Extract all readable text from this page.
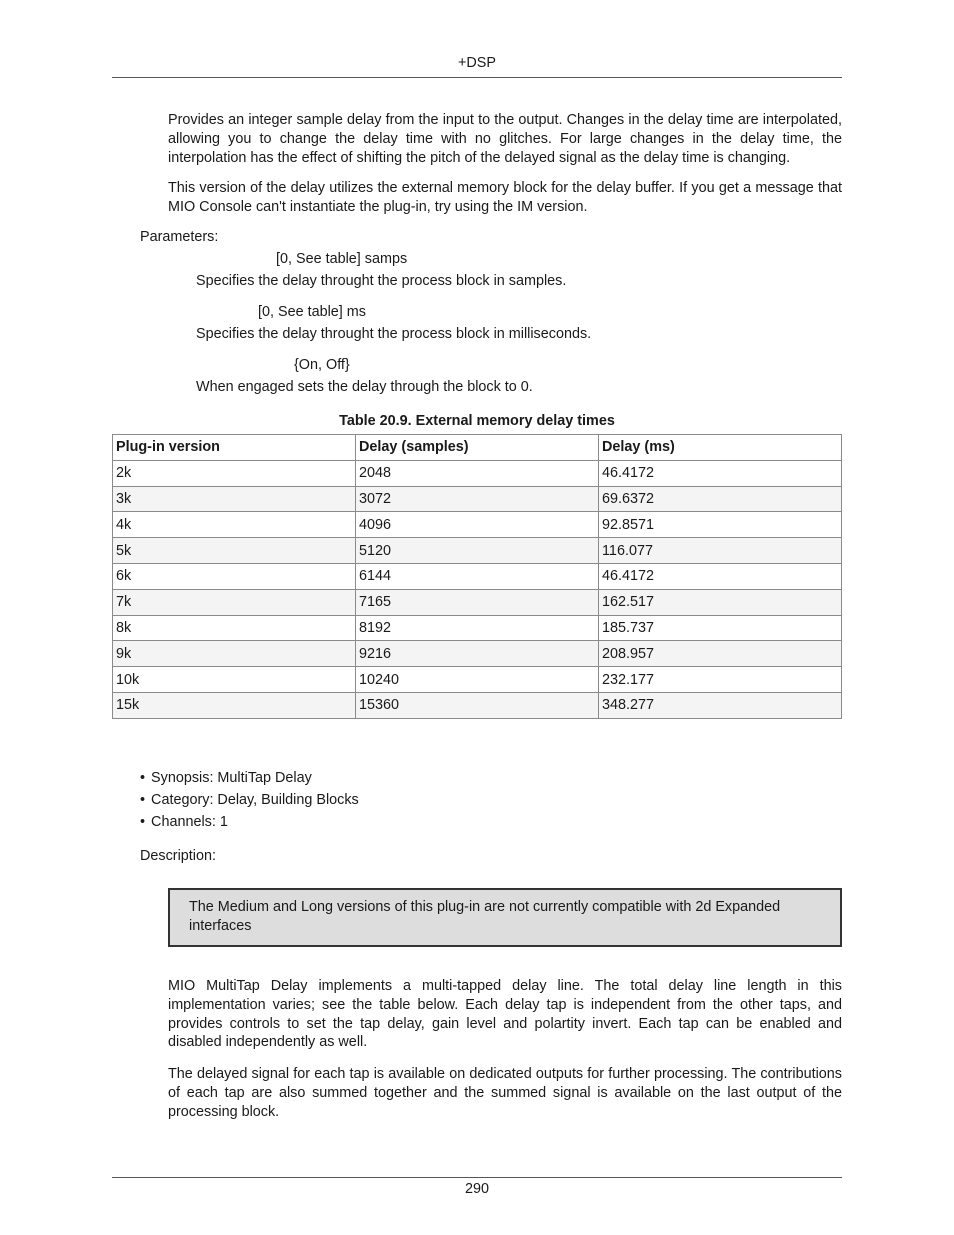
+DSP

Provides an integer sample delay from the input to the output. Changes in the delay time are interpolated, allowing you to change the delay time with no glitches. For large changes in the delay time, the interpolation has the effect of shifting the pitch of the delayed signal as the delay time is changing.

This version of the delay utilizes the external memory block for the delay buffer. If you get a message that MIO Console can't instantiate the plug-in, try using the IM version.

Parameters:
[0, See table] samps
Specifies the delay throught the process block in samples.
[0, See table] ms
Specifies the delay throught the process block in milliseconds.
{On, Off}
When engaged sets the delay through the block to 0.
Table 20.9. External memory delay times
Plug-in version	Delay (samples)	Delay (ms)
2k	2048	46.4172
3k	3072	69.6372
4k	4096	92.8571
5k	5120	116.077
6k	6144	46.4172
7k	7165	162.517
8k	8192	185.737
9k	9216	208.957
10k	10240	232.177
15k	15360	348.277
• Synopsis: MultiTap Delay
• Category: Delay, Building Blocks
• Channels: 1
Description:
The Medium and Long versions of this plug-in are not currently compatible with 2d Expanded interfaces

MIO MultiTap Delay implements a multi-tapped delay line. The total delay line length in this implementation varies; see the table below. Each delay tap is independent from the other taps, and provides controls to set the tap delay, gain level and polartity invert. Each tap can be enabled and disabled independently as well.

The delayed signal for each tap is available on dedicated outputs for further processing. The contributions of each tap are also summed together and the summed signal is available on the last output of the processing block.

290
